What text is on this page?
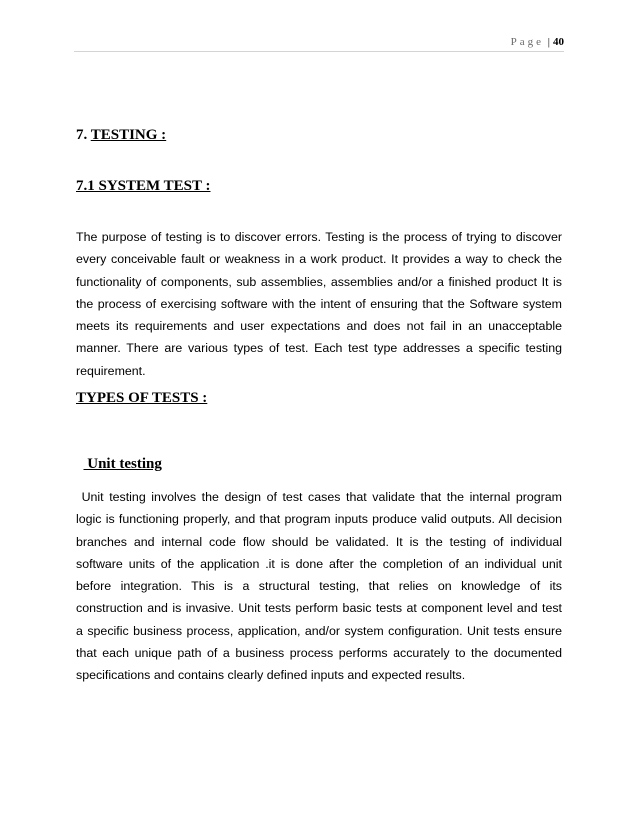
Page | 40
7. TESTING :
7.1 SYSTEM TEST :
The purpose of testing is to discover errors. Testing is the process of trying to discover
every conceivable fault or weakness in a work product. It provides a way to check the
functionality of components, sub assemblies, assemblies and/or a finished product It is
the process of exercising software with the intent of ensuring that the Software system
meets its requirements and user expectations and does not fail in an unacceptable
manner. There are various types of test. Each test type addresses a specific testing
requirement.
TYPES OF TESTS :

Unit testing

Unit testing involves the design of test cases that validate that the internal program
logic is functioning properly, and that program inputs produce valid outputs. All decision
branches and internal code flow should be validated. It is the testing of individual
software units of the application .it is done after the completion of an individual unit
before integration. This is a structural testing, that relies on knowledge of its
construction and is invasive. Unit tests perform basic tests at component level and test
a specific business process, application, and/or system configuration. Unit tests ensure
that each unique path of a business process performs accurately to the documented
specifications and contains clearly defined inputs and expected results.
